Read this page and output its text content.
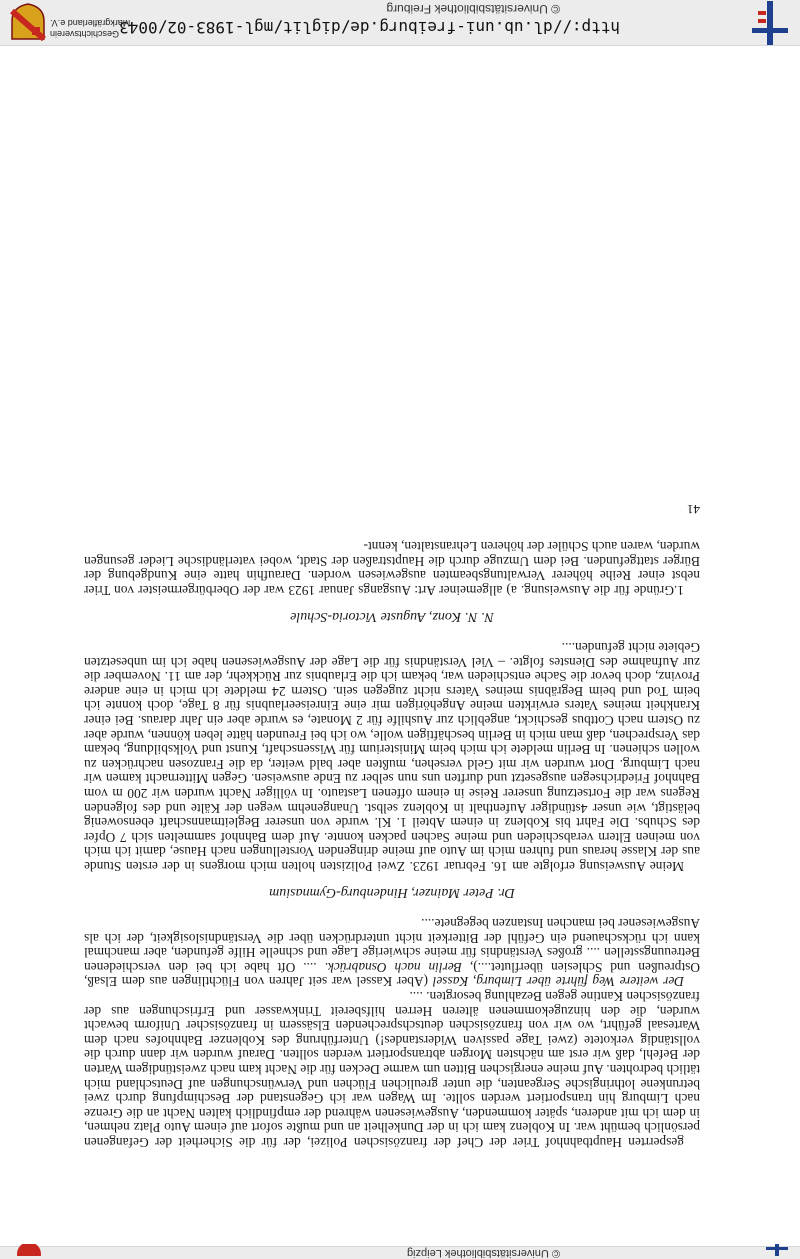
© Universitätsbibliothek Leipzig

gesperrten Hauptbahnhof Trier der Chef der französischen Polizei, der für die Sicherheit der Gefangenen persönlich bemüht war. In Koblenz kam ich in der Dunkelheit an und mußte sofort auf einem Auto Platz nehmen, in dem ich mit anderen, später kommenden, Ausgewiesenen während der empfindlich kalten Nacht an die Grenze nach Limburg hin transportiert werden sollte. Im Wagen war ich Gegenstand der Beschimpfung durch zwei betrunkene lothringische Sergeanten, die unter greulichen Flüchen und Verwünschungen auf Deutschland mich tätlich bedrohten. Auf meine energischen Bitten um warme Decken für die Nacht kam nach zweistündigem Warten der Befehl, daß wir erst am nächsten Morgen abtransportiert werden sollten. Darauf wurden wir dann durch die vollständig verkotete (zwei Tage passiven Widerstandes!) Unterführung des Koblenzer Bahnhofes nach dem Wartesaal geführt, wo wir von französischen deutschsprechenden Elsässern in französischer Uniform bewacht wurden, die den hinzugekommenen älteren Herren hilfsbereit Trinkwasser und Erfrischungen aus der französischen Kantine gegen Bezahlung besorgten. ....

Der weitere Weg führte über Limburg, Kassel (Aber Kassel war seit Jahren von Flüchtlingen aus dem Elsaß, Ostpreußen und Schlesien überflutet....), Berlin nach Osnabrück. .... Oft habe ich bei den verschiedenen Betreuungsstellen .... großes Verständnis für meine schwierige Lage und schnelle Hilfe gefunden, aber manchmal kann ich rückschauend ein Gefühl der Bitterkeit nicht unterdrücken über die Verständnislosigkeit, der ich als Ausgewiesener bei manchen Instanzen begegnete....

Dr. Peter Mainzer, Hindenburg-Gymnasium

Meine Ausweisung erfolgte am 16. Februar 1923. Zwei Polizisten holten mich morgens in der ersten Stunde aus der Klasse heraus und fuhren mich im Auto auf meine dringenden Vorstellungen nach Hause, damit ich mich von meinen Eltern verabschieden und meine Sachen packen konnte. Auf dem Bahnhof sammelten sich 7 Opfer des Schubs. Die Fahrt bis Koblenz in einem Abteil 1. Kl. wurde von unserer Begleitmannschaft ebensowenig belästigt, wie unser 4stündiger Aufenthalt in Koblenz selbst. Unangenehm wegen der Kälte und des folgenden Regens war die Fortsetzung unserer Reise in einem offenen Lastauto. In völliger Nacht wurden wir 200 m vom Bahnhof Friedrichsegen ausgesetzt und durften uns nun selber zu Ende ausweisen. Gegen Mitternacht kamen wir nach Limburg. Dort wurden wir mit Geld versehen, mußten aber bald weiter, da die Franzosen nachrücken zu wollen schienen. In Berlin meldete ich mich beim Ministerium für Wissenschaft, Kunst und Volksbildung, bekam das Versprechen, daß man mich in Berlin beschäftigen wolle, wo ich bei Freunden hätte leben können, wurde aber zu Ostern nach Cottbus geschickt, angeblich zur Aushilfe für 2 Monate, es wurde aber ein Jahr daraus. Bei einer Krankheit meines Vaters erwirkten meine Angehörigen mir eine Einreiseerlaubnis für 8 Tage, doch konnte ich beim Tod und beim Begräbnis meines Vaters nicht zugegen sein. Ostern 24 meldete ich mich in eine andere Provinz, doch bevor die Sache entschieden war, bekam ich die Erlaubnis zur Rückkehr, der am 11. November die zur Aufnahme des Dienstes folgte. – Viel Verständnis für die Lage der Ausgewiesenen habe ich im unbesetzten Gebiete nicht gefunden....

N. N. Konz, Auguste Victoria-Schule

1.Gründe für die Ausweisung. a) allgemeiner Art: Ausgangs Januar 1923 war der Oberbürgermeister von Trier nebst einer Reihe höherer Verwaltungsbeamten ausgewiesen worden. Daraufhin hatte eine Kundgebung der Bürger stattgefunden. Bei dem Umzuge durch die Hauptstraßen der Stadt, wobei vaterländische Lieder gesungen wurden, waren auch Schüler der höheren Lehranstalten, kennt-

41
http://dl.ub.uni-freiburg.de/diglit/mgl-1983-02/0043
© Universitätsbibliothek Freiburg
Geschichtsverein
Markgräflerland e.V.
